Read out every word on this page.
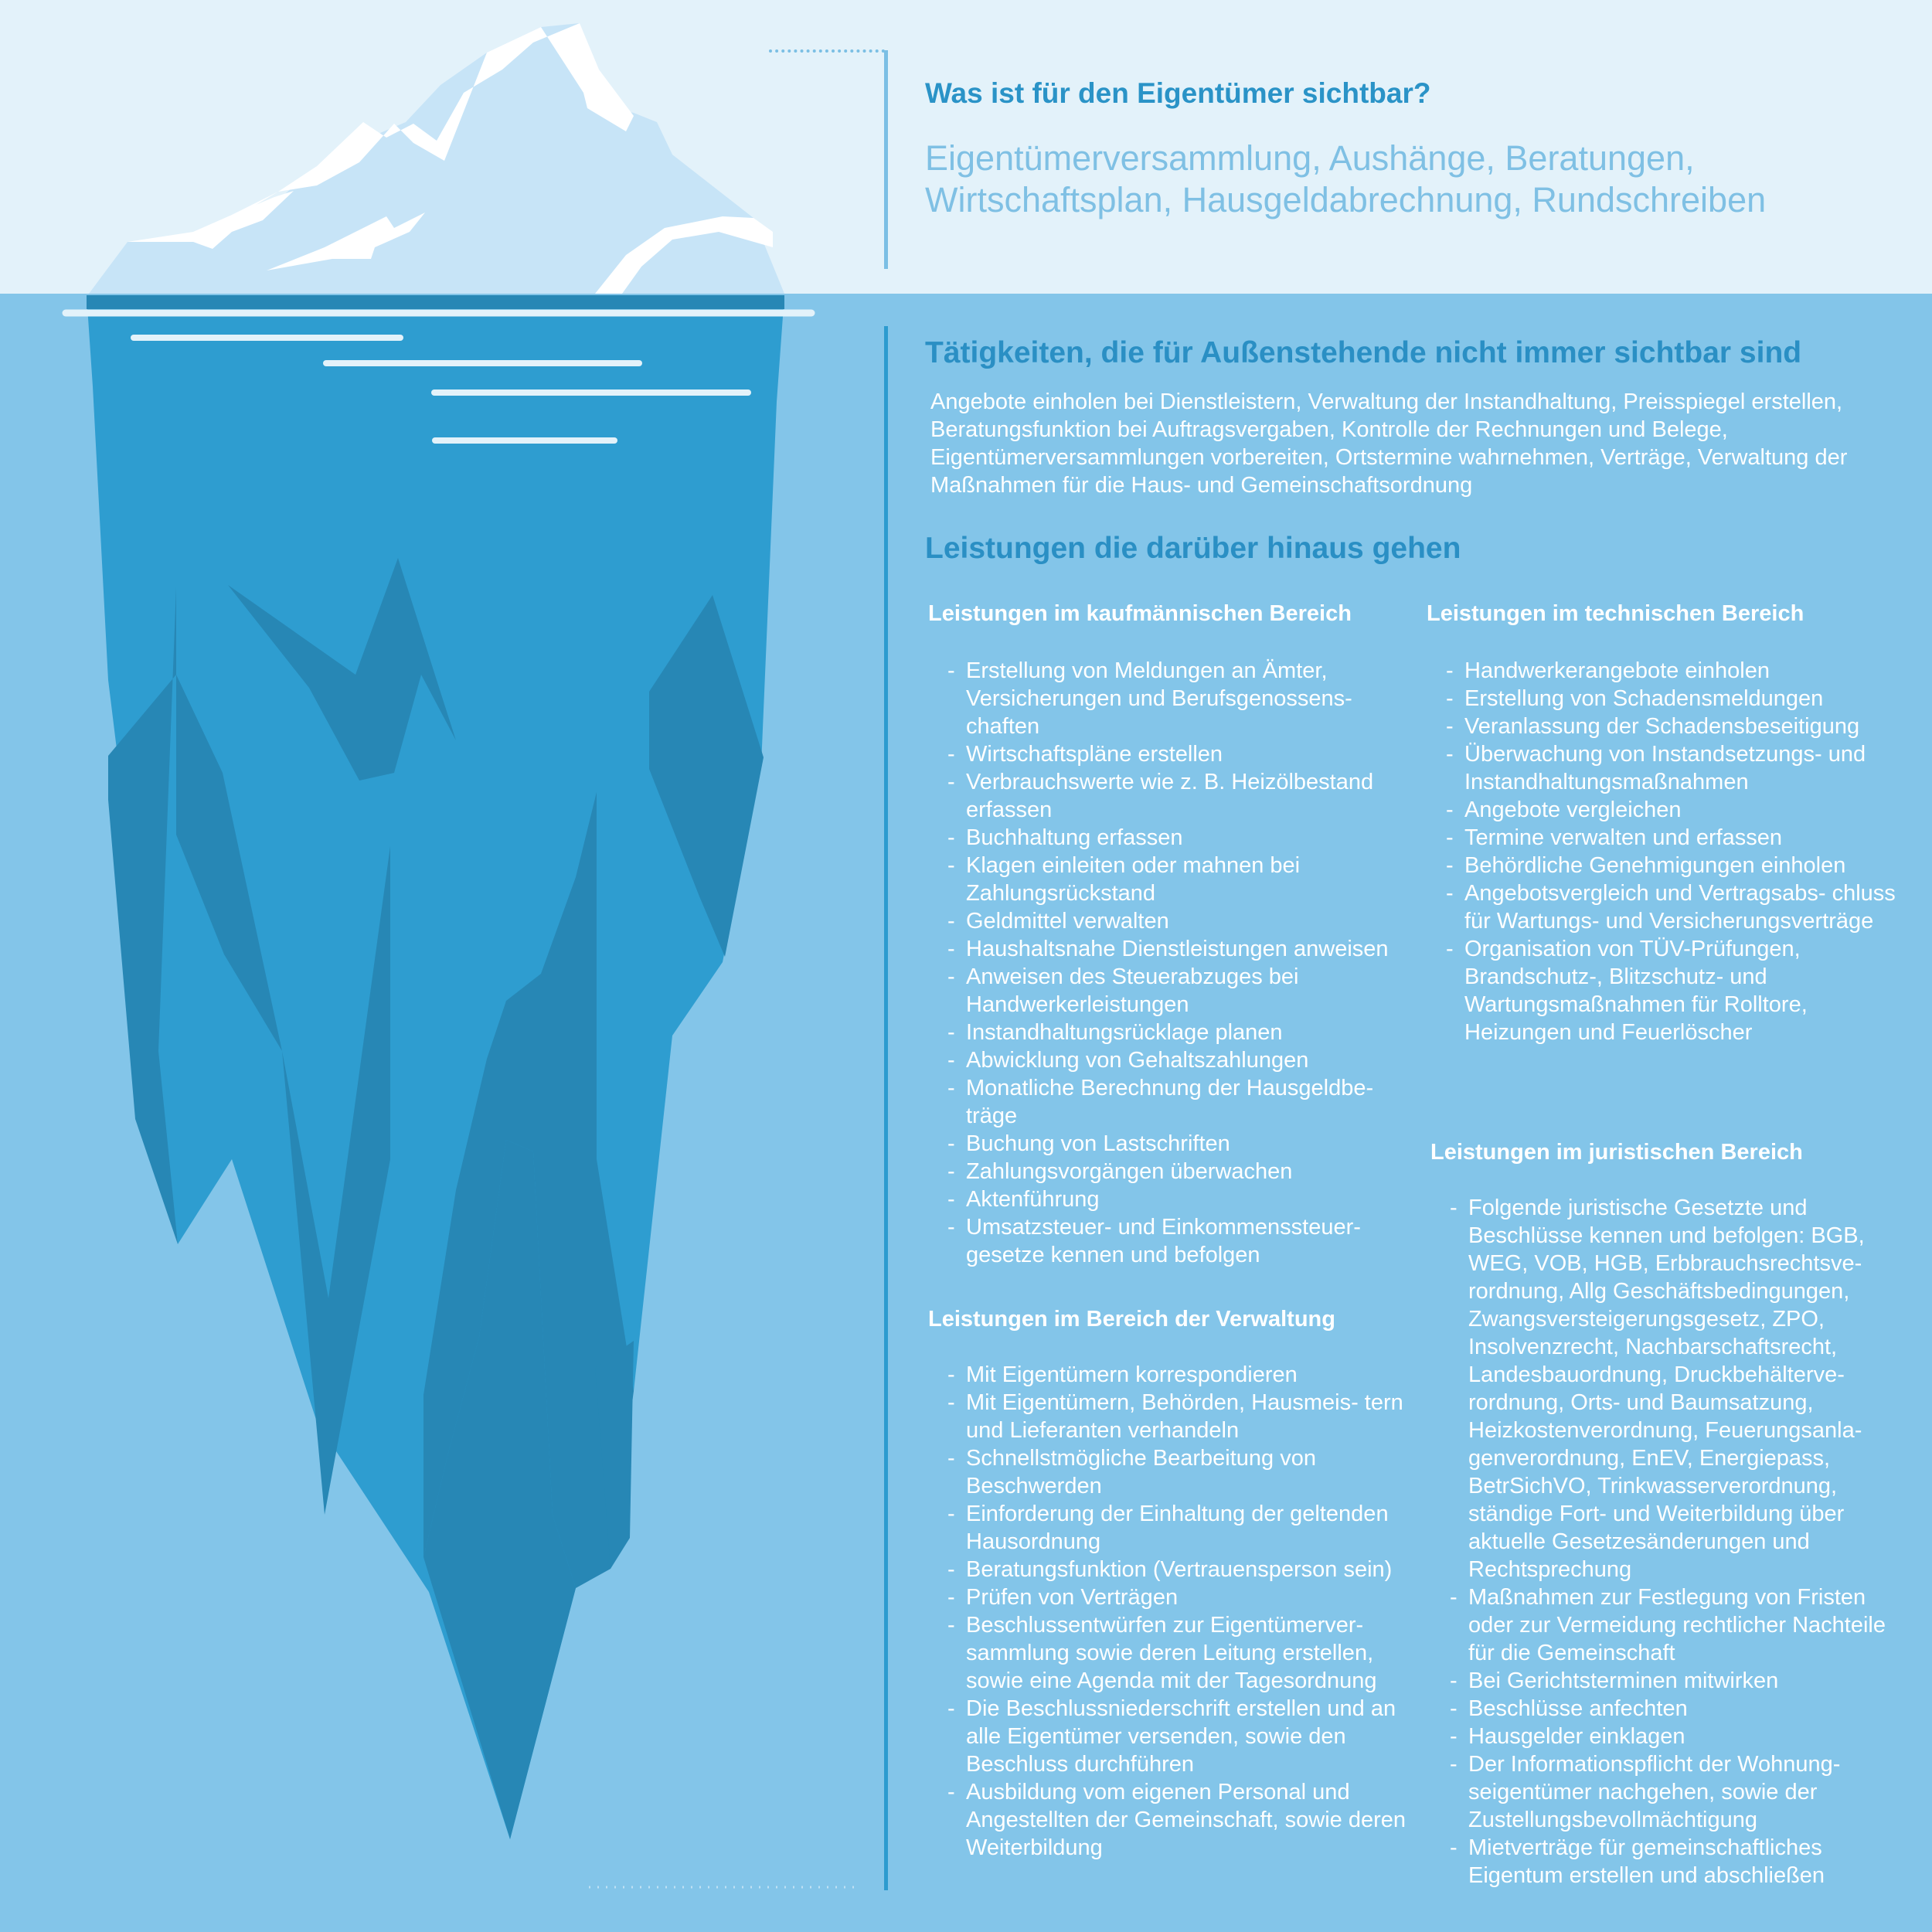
Was ist für den Eigentümer sichtbar?

Eigentümerversammlung, Aushänge, Beratungen, Wirtschaftsplan, Hausgeldabrechnung, Rundschreiben

Tätigkeiten, die für Außenstehende nicht immer sichtbar sind

Angebote einholen bei Dienstleistern, Verwaltung der Instandhaltung, Preisspiegel erstellen, Beratungsfunktion bei Auftragsvergaben, Kontrolle der Rechnungen und Belege, Eigentümerversammlungen vorbereiten, Ortstermine wahrnehmen, Verträge, Verwaltung der Maßnahmen für die Haus- und Gemeinschaftsordnung

Leistungen die darüber hinaus gehen
Leistungen im kaufmännischen Bereich
- Erstellung von Meldungen an Ämter, Versicherungen und Berufsgenossens- chaften
- Wirtschaftspläne erstellen
- Verbrauchswerte wie z. B. Heizölbestand erfassen
- Buchhaltung erfassen
- Klagen einleiten oder mahnen bei Zahlungsrückstand
- Geldmittel verwalten
- Haushaltsnahe Dienstleistungen anweisen
- Anweisen des Steuerabzuges bei Handwerkerleistungen
- Instandhaltungsrücklage planen
- Abwicklung von Gehaltszahlungen
- Monatliche Berechnung der Hausgeldbe- träge
- Buchung von Lastschriften
- Zahlungsvorgängen überwachen
- Aktenführung
- Umsatzsteuer- und Einkommenssteuer- gesetze kennen und befolgen
Leistungen im Bereich der Verwaltung
- Mit Eigentümern korrespondieren
- Mit Eigentümern, Behörden, Hausmeis- tern und Lieferanten verhandeln
- Schnellstmögliche Bearbeitung von Beschwerden
- Einforderung der Einhaltung der geltenden Hausordnung
- Beratungsfunktion (Vertrauensperson sein)
- Prüfen von Verträgen
- Beschlussentwürfen zur Eigentümerver- sammlung sowie deren Leitung erstellen, sowie eine Agenda mit der Tagesordnung
- Die Beschlussniederschrift erstellen und an alle Eigentümer versenden, sowie den Beschluss durchführen
- Ausbildung vom eigenen Personal und Angestellten der Gemeinschaft, sowie deren Weiterbildung
Leistungen im technischen Bereich
- Handwerkerangebote einholen
- Erstellung von Schadensmeldungen
- Veranlassung der Schadensbeseitigung
- Überwachung von Instandsetzungs- und Instandhaltungsmaßnahmen
- Angebote vergleichen
- Termine verwalten und erfassen
- Behördliche Genehmigungen einholen
- Angebotsvergleich und Vertragsabs- chluss für Wartungs- und Versicherungsverträge
- Organisation von TÜV-Prüfungen, Brandschutz-, Blitzschutz- und Wartungsmaßnahmen für Rolltore, Heizungen und Feuerlöscher
Leistungen im juristischen Bereich
- Folgende juristische Gesetzte und Beschlüsse kennen und befolgen: BGB, WEG, VOB, HGB, Erbbrauchsrechtsve- rordnung, Allg Geschäftsbedingungen, Zwangsversteigerungsgesetz, ZPO, Insolvenzrecht, Nachbarschaftsrecht, Landesbauordnung, Druckbehälterve- rordnung, Orts- und Baumsatzung, Heizkostenverordnung, Feuerungsanla- genverordnung, EnEV, Energiepass, BetrSichVO, Trinkwasserverordnung, ständige Fort- und Weiterbildung über aktuelle Gesetzesänderungen und Rechtsprechung
- Maßnahmen zur Festlegung von Fristen oder zur Vermeidung rechtlicher Nachteile für die Gemeinschaft
- Bei Gerichtsterminen mitwirken
- Beschlüsse anfechten
- Hausgelder einklagen
- Der Informationspflicht der Wohnung- seigentümer nachgehen, sowie der Zustellungsbevollmächtigung
- Mietverträge für gemeinschaftliches Eigentum erstellen und abschließen
